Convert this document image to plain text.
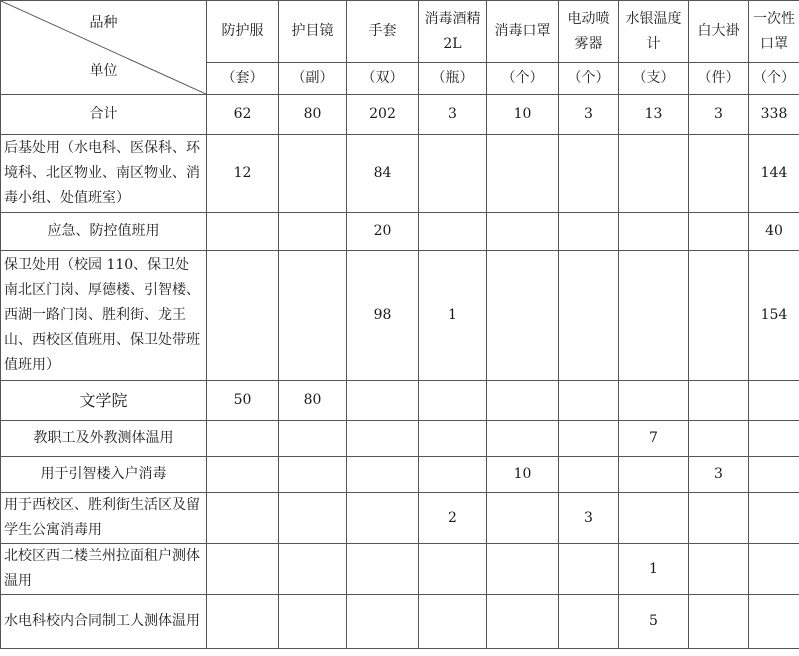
品种
单位	防护服	护目镜	手套	消毒酒精 2L	消毒口罩	电动喷雾器	水银温度计	白大褂	一次性口罩
	（套）	（副）	（双）	（瓶）	（个）	（个）	（支）	（件）	（个）
合计	62	80	202	3	10	3	13	3	338
后基处用（水电科、医保科、环境科、北区物业、南区物业、消毒小组、处值班室）	12		84						144
应急、防控值班用			20						40
保卫处用（校园 110、保卫处南北区门岗、厚德楼、引智楼、西湖一路门岗、胜利街、龙王山、西校区值班用、保卫处带班值班用）			98	1					154
文学院	50	80							
教职工及外教测体温用							7		
用于引智楼入户消毒					10			3	
用于西校区、胜利街生活区及留学生公寓消毒用				2		3			
北校区西二楼兰州拉面租户测体温用							1		
水电科校内合同制工人测体温用							5		
